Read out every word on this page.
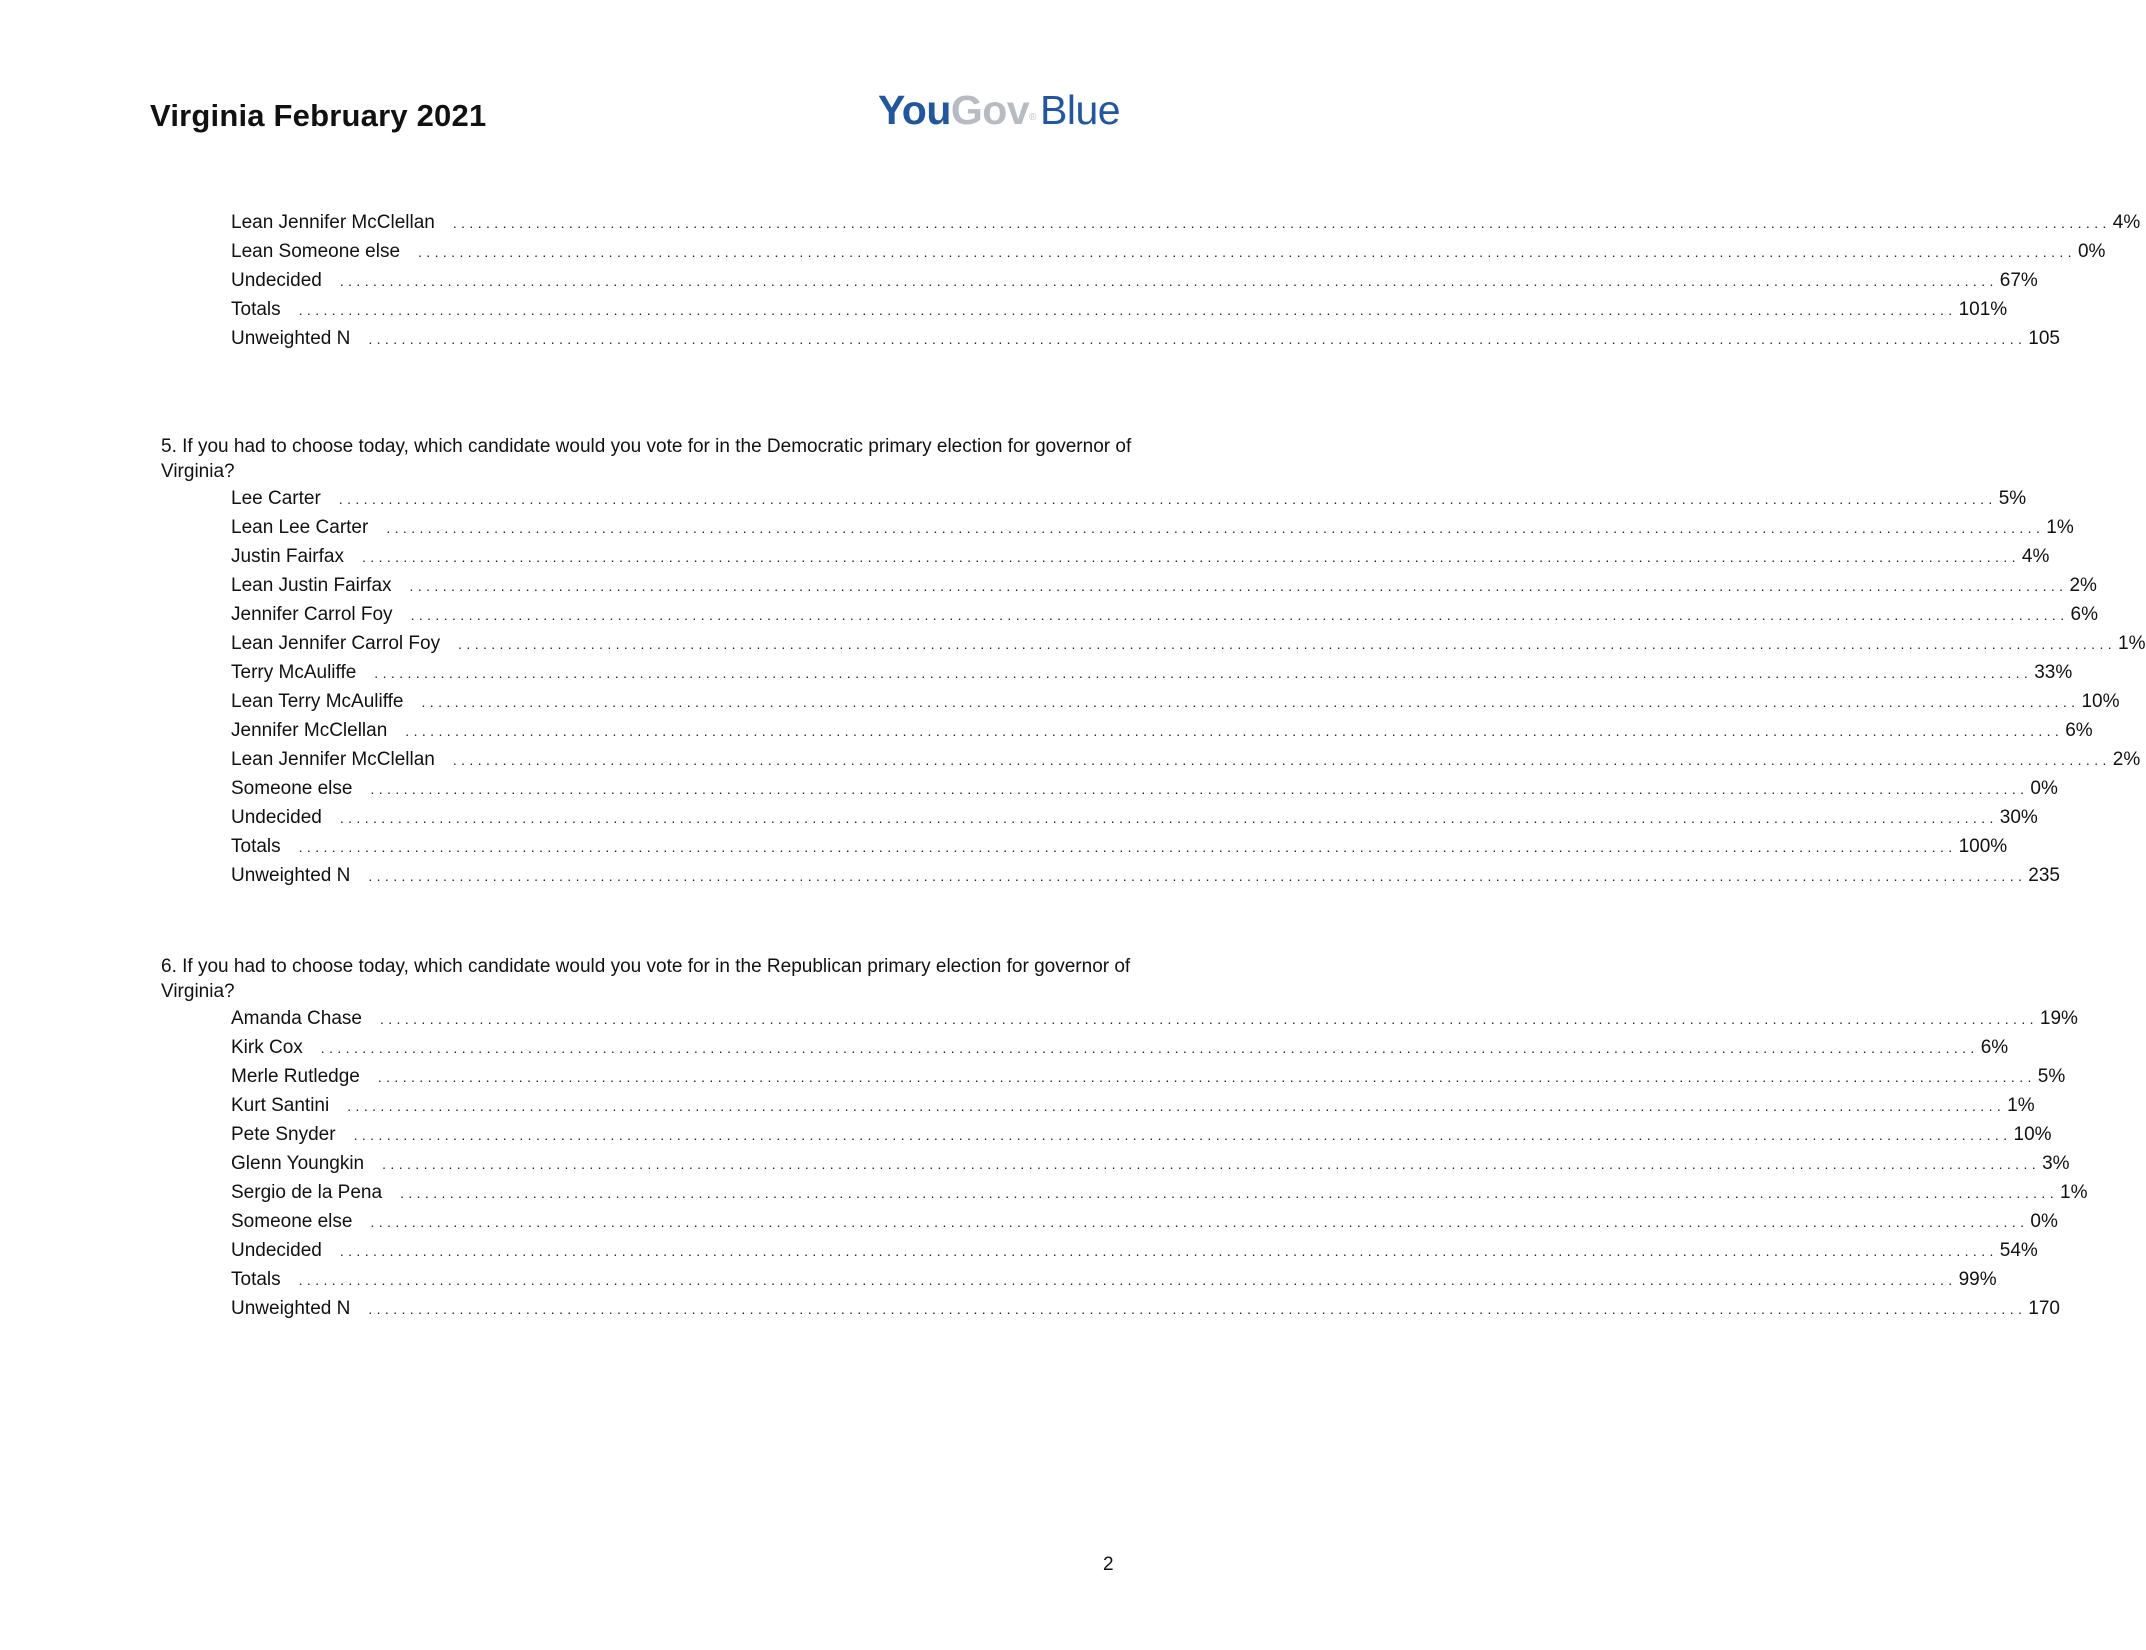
Virginia February 2021	YouGov®Blue
Lean Jennifer McClellan	........................................................................................................................................................................................................ 4%
Lean Someone else	........................................................................................................................................................................................................ 0%
Undecided	........................................................................................................................................................................................................ 67%
Totals	........................................................................................................................................................................................................ 101%
Unweighted N	........................................................................................................................................................................................................ 105

5. If you had to choose today, which candidate would you vote for in the Democratic primary election for governor of Virginia?

Lee Carter	........................................................................................................................................................................................................ 5%
Lean Lee Carter	........................................................................................................................................................................................................ 1%
Justin Fairfax	........................................................................................................................................................................................................ 4%
Lean Justin Fairfax	........................................................................................................................................................................................................ 2%
Jennifer Carrol Foy	........................................................................................................................................................................................................ 6%
Lean Jennifer Carrol Foy	........................................................................................................................................................................................................ 1%
Terry McAuliffe	........................................................................................................................................................................................................ 33%
Lean Terry McAuliffe	........................................................................................................................................................................................................ 10%
Jennifer McClellan	........................................................................................................................................................................................................ 6%
Lean Jennifer McClellan	........................................................................................................................................................................................................ 2%
Someone else	........................................................................................................................................................................................................ 0%
Undecided	........................................................................................................................................................................................................ 30%
Totals	........................................................................................................................................................................................................ 100%
Unweighted N	........................................................................................................................................................................................................ 235

6. If you had to choose today, which candidate would you vote for in the Republican primary election for governor of Virginia?

Amanda Chase	........................................................................................................................................................................................................ 19%
Kirk Cox	........................................................................................................................................................................................................ 6%
Merle Rutledge	........................................................................................................................................................................................................ 5%
Kurt Santini	........................................................................................................................................................................................................ 1%
Pete Snyder	........................................................................................................................................................................................................ 10%
Glenn Youngkin	........................................................................................................................................................................................................ 3%
Sergio de la Pena	........................................................................................................................................................................................................ 1%
Someone else	........................................................................................................................................................................................................ 0%
Undecided	........................................................................................................................................................................................................ 54%
Totals	........................................................................................................................................................................................................ 99%
Unweighted N	........................................................................................................................................................................................................ 170
2
